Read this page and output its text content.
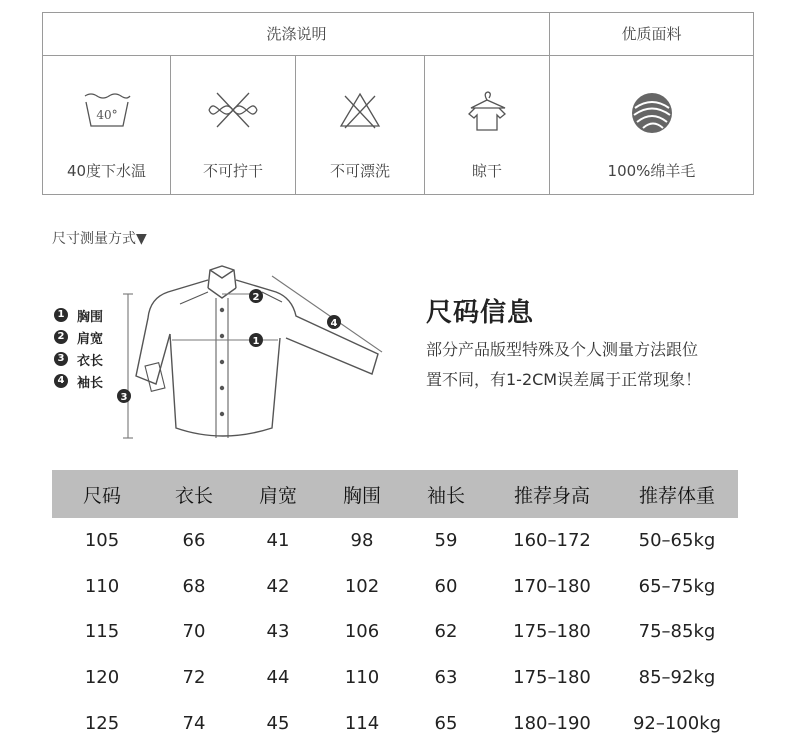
洗涤说明	优质面料
40°
40度下水温	不可拧干	不可漂洗	晾干	100%绵羊毛
尺寸测量方式▼
1 胸围
2 肩宽
3 衣长
4 袖长
1
2
3
4	尺码信息
部分产品版型特殊及个人测量方法跟位
置不同，有1-2CM误差属于正常现象！
尺码	衣长	肩宽	胸围	袖长	推荐身高	推荐体重
105	66	41	98	59	160–172	50–65kg
110	68	42	102	60	170–180	65–75kg
115	70	43	106	62	175–180	75–85kg
120	72	44	110	63	175–180	85–92kg
125	74	45	114	65	180–190	92–100kg
